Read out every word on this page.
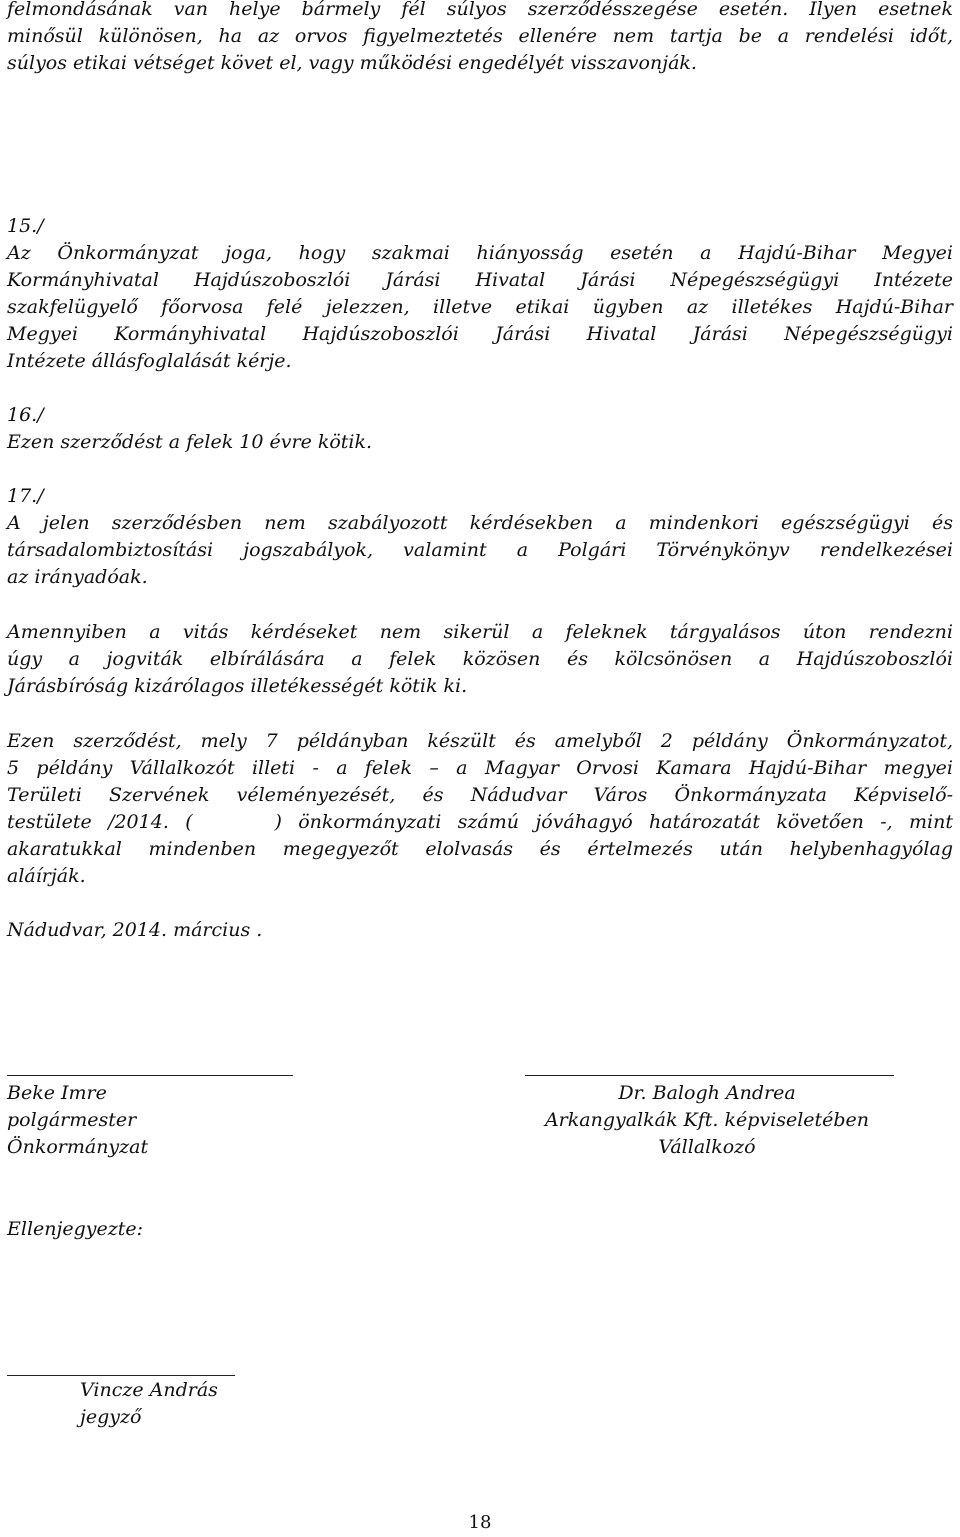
felmondásának van helye bármely fél súlyos szerződésszegése esetén. Ilyen esetnek
minősül különösen, ha az orvos figyelmeztetés ellenére nem tartja be a rendelési időt,
súlyos etikai vétséget követ el, vagy működési engedélyét visszavonják.
15./
Az Önkormányzat joga, hogy szakmai hiányosság esetén a Hajdú-Bihar Megyei
Kormányhivatal Hajdúszoboszlói Járási Hivatal Járási Népegészségügyi Intézete
szakfelügyelő főorvosa felé jelezzen, illetve etikai ügyben az illetékes Hajdú-Bihar
Megyei Kormányhivatal Hajdúszoboszlói Járási Hivatal Járási Népegészségügyi
Intézete állásfoglalását kérje.
16./
Ezen szerződést a felek 10 évre kötik.
17./
A jelen szerződésben nem szabályozott kérdésekben a mindenkori egészségügyi és
társadalombiztosítási jogszabályok, valamint a Polgári Törvénykönyv rendelkezései
az irányadóak.
Amennyiben a vitás kérdéseket nem sikerül a feleknek tárgyalásos úton rendezni
úgy a jogviták elbírálására a felek közösen és kölcsönösen a Hajdúszoboszlói
Járásbíróság kizárólagos illetékességét kötik ki.
Ezen szerződést, mely 7 példányban készült és amelyből 2 példány Önkormányzatot,
5 példány Vállalkozót illeti - a felek – a Magyar Orvosi Kamara Hajdú-Bihar megyei
Területi Szervének véleményezését, és Nádudvar Város Önkormányzata Képviselő-
testülete /2014. (     ) önkormányzati számú jóváhagyó határozatát követően -, mint
akaratukkal mindenben megegyezőt elolvasás és értelmezés után helybenhagyólag
aláírják.
Nádudvar, 2014. március .
Beke Imre
polgármester
Önkormányzat
Dr. Balogh Andrea
Arkangyalkák Kft. képviseletében
Vállalkozó
Ellenjegyezte:
Vincze András
jegyző
18
